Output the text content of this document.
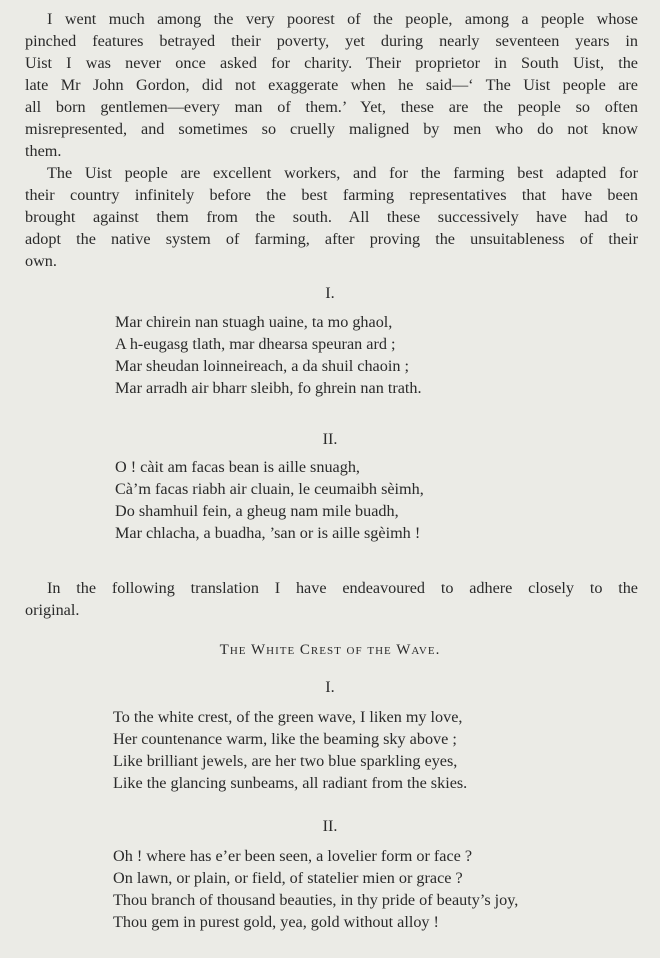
I went much among the very poorest of the people, among a people whose
pinched features betrayed their poverty, yet during nearly seventeen years in
Uist I was never once asked for charity. Their proprietor in South Uist, the
late Mr John Gordon, did not exaggerate when he said—‘ The Uist people are
all born gentlemen—every man of them.’ Yet, these are the people so often
misrepresented, and sometimes so cruelly maligned by men who do not know
them.
The Uist people are excellent workers, and for the farming best adapted for
their country infinitely before the best farming representatives that have been
brought against them from the south. All these successively have had to
adopt the native system of farming, after proving the unsuitableness of their
own.
I.
Mar chirein nan stuagh uaine, ta mo ghaol,
A h-eugasg tlath, mar dhearsa speuran ard ;
Mar sheudan loinneireach, a da shuil chaoin ;
Mar arradh air bharr sleibh, fo ghrein nan trath.
II.
O ! càit am facas bean is aille snuagh,
Cà’m facas riabh air cluain, le ceumaibh sèimh,
Do shamhuil fein, a gheug nam mile buadh,
Mar chlacha, a buadha, ’san or is aille sgèimh !
In the following translation I have endeavoured to adhere closely to the
original.
The White Crest of the Wave.
I.
To the white crest, of the green wave, I liken my love,
Her countenance warm, like the beaming sky above ;
Like brilliant jewels, are her two blue sparkling eyes,
Like the glancing sunbeams, all radiant from the skies.
II.
Oh ! where has e’er been seen, a lovelier form or face ?
On lawn, or plain, or field, of statelier mien or grace ?
Thou branch of thousand beauties, in thy pride of beauty’s joy,
Thou gem in purest gold, yea, gold without alloy !
